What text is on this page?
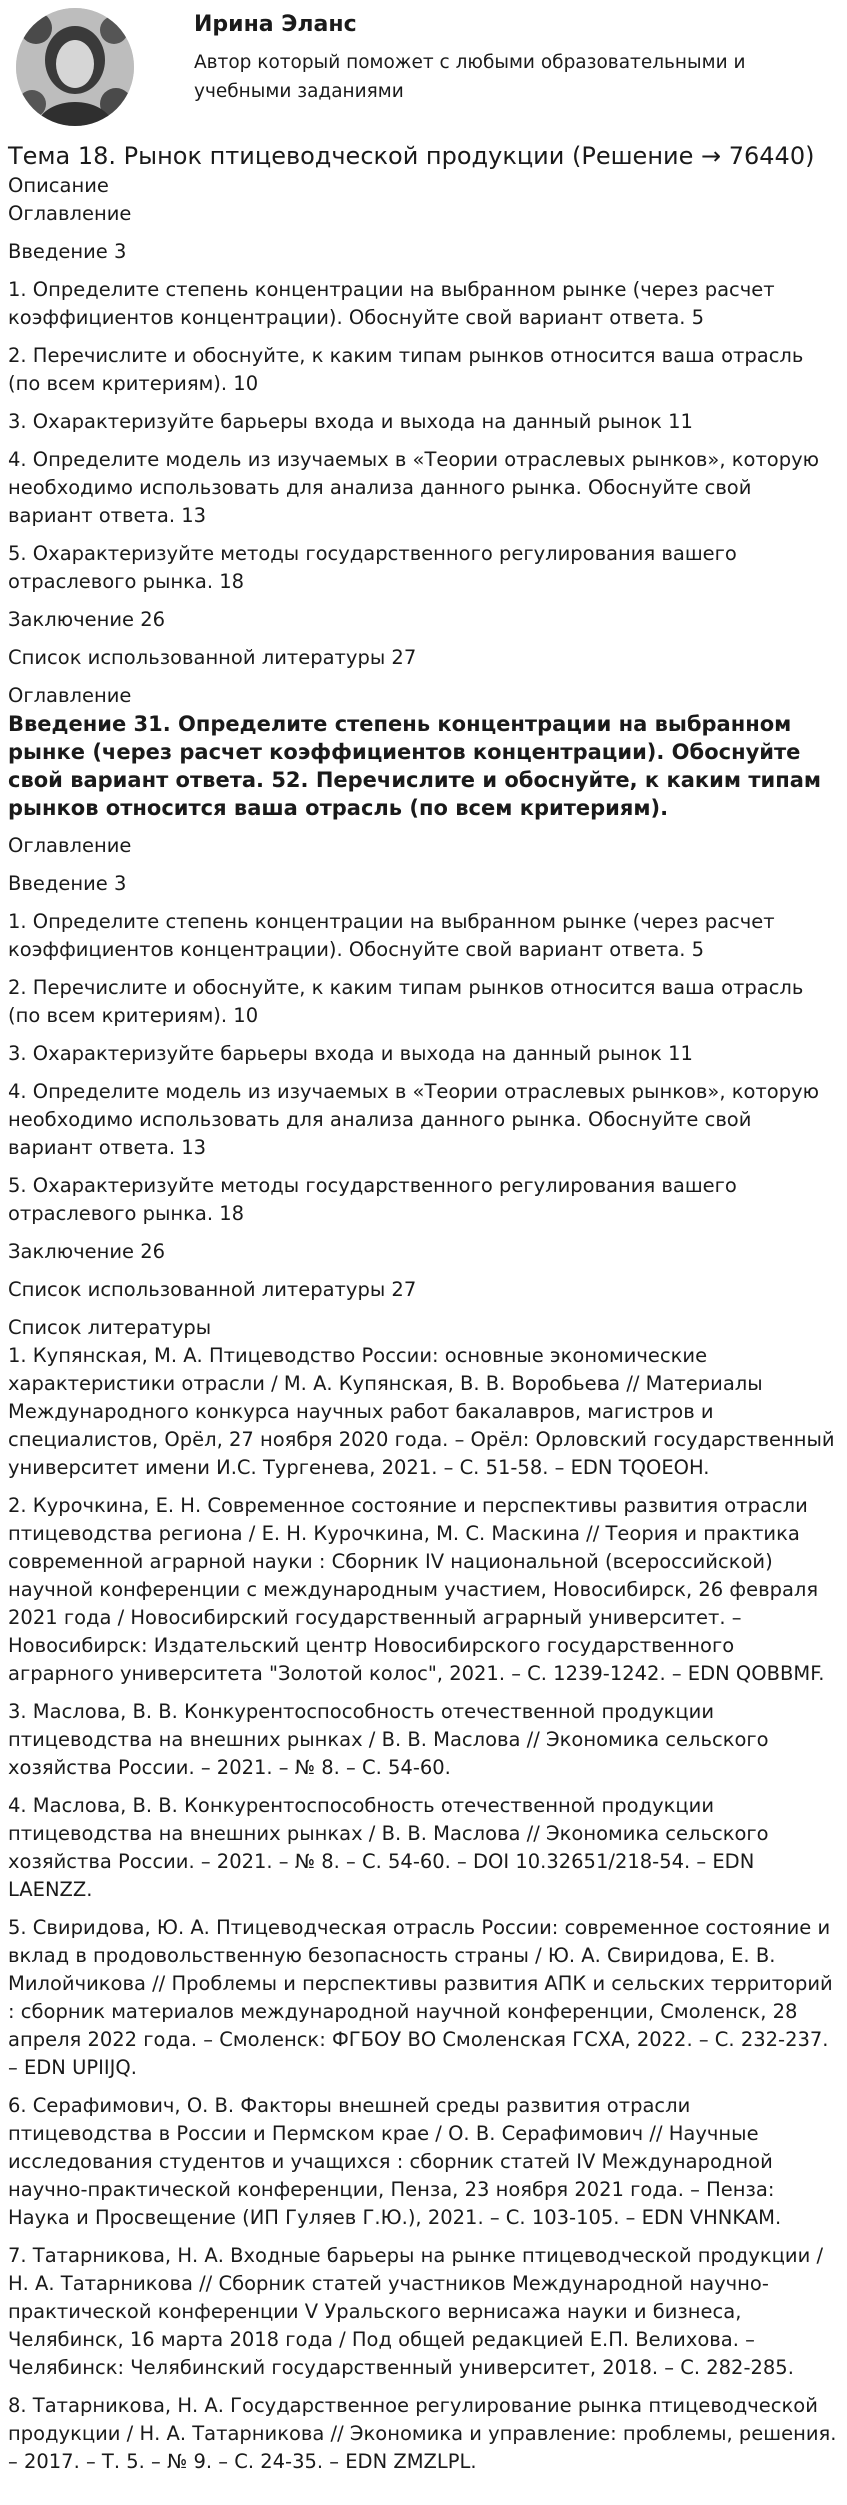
Ирина Эланс
Автор который поможет с любыми образовательными и учебными заданиями
Тема 18. Рынок птицеводческой продукции (Решение → 76440)

Описание

Оглавление

Введение 3

1. Определите степень концентрации на выбранном рынке (через расчет коэффициентов концентрации). Обоснуйте свой вариант ответа. 5

2. Перечислите и обоснуйте, к каким типам рынков относится ваша отрасль (по всем критериям). 10

3. Охарактеризуйте барьеры входа и выхода на данный рынок 11

4. Определите модель из изучаемых в «Теории отраслевых рынков», которую необходимо использовать для анализа данного рынка. Обоснуйте свой вариант ответа. 13

5. Охарактеризуйте методы государственного регулирования вашего отраслевого рынка. 18

Заключение 26

Список использованной литературы 27

Оглавление

Введение 31. Определите степень концентрации на выбранном рынке (через расчет коэффициентов концентрации). Обоснуйте свой вариант ответа. 52. Перечислите и обоснуйте, к каким типам рынков относится ваша отрасль (по всем критериям).

Оглавление

Введение 3

1. Определите степень концентрации на выбранном рынке (через расчет коэффициентов концентрации). Обоснуйте свой вариант ответа. 5

2. Перечислите и обоснуйте, к каким типам рынков относится ваша отрасль (по всем критериям). 10

3. Охарактеризуйте барьеры входа и выхода на данный рынок 11

4. Определите модель из изучаемых в «Теории отраслевых рынков», которую необходимо использовать для анализа данного рынка. Обоснуйте свой вариант ответа. 13

5. Охарактеризуйте методы государственного регулирования вашего отраслевого рынка. 18

Заключение 26

Список использованной литературы 27

Список литературы

1. Купянская, М. А. Птицеводство России: основные экономические характеристики отрасли / М. А. Купянская, В. В. Воробьева // Материалы Международного конкурса научных работ бакалавров, магистров и специалистов, Орёл, 27 ноября 2020 года. – Орёл: Орловский государственный университет имени И.С. Тургенева, 2021. – С. 51-58. – EDN TQOEOH.

2. Курочкина, Е. Н. Современное состояние и перспективы развития отрасли птицеводства региона / Е. Н. Курочкина, М. С. Маскина // Теория и практика современной аграрной науки : Сборник IV национальной (всероссийской) научной конференции с международным участием, Новосибирск, 26 февраля 2021 года / Новосибирский государственный аграрный университет. – Новосибирск: Издательский центр Новосибирского государственного аграрного университета "Золотой колос", 2021. – С. 1239-1242. – EDN QOBBMF.

3. Маслова, В. В. Конкурентоспособность отечественной продукции птицеводства на внешних рынках / В. В. Маслова // Экономика сельского хозяйства России. – 2021. – № 8. – С. 54-60.

4. Маслова, В. В. Конкурентоспособность отечественной продукции птицеводства на внешних рынках / В. В. Маслова // Экономика сельского хозяйства России. – 2021. – № 8. – С. 54-60. – DOI 10.32651/218-54. – EDN LAENZZ.

5. Свиридова, Ю. А. Птицеводческая отрасль России: современное состояние и вклад в продовольственную безопасность страны / Ю. А. Свиридова, Е. В. Милойчикова // Проблемы и перспективы развития АПК и сельских территорий : сборник материалов международной научной конференции, Смоленск, 28 апреля 2022 года. – Смоленск: ФГБОУ ВО Смоленская ГСХА, 2022. – С. 232-237. – EDN UPIIJQ.

6. Серафимович, О. В. Факторы внешней среды развития отрасли птицеводства в России и Пермском крае / О. В. Серафимович // Научные исследования студентов и учащихся : сборник статей IV Международной научно-практической конференции, Пенза, 23 ноября 2021 года. – Пенза: Наука и Просвещение (ИП Гуляев Г.Ю.), 2021. – С. 103-105. – EDN VHNKAM.

7. Татарникова, Н. А. Входные барьеры на рынке птицеводческой продукции / Н. А. Татарникова // Сборник статей участников Международной научно-практической конференции V Уральского вернисажа науки и бизнеса, Челябинск, 16 марта 2018 года / Под общей редакцией Е.П. Велихова. – Челябинск: Челябинский государственный университет, 2018. – С. 282-285.

8. Татарникова, Н. А. Государственное регулирование рынка птицеводческой продукции / Н. А. Татарникова // Экономика и управление: проблемы, решения. – 2017. – Т. 5. – № 9. – С. 24-35. – EDN ZMZLPL.
